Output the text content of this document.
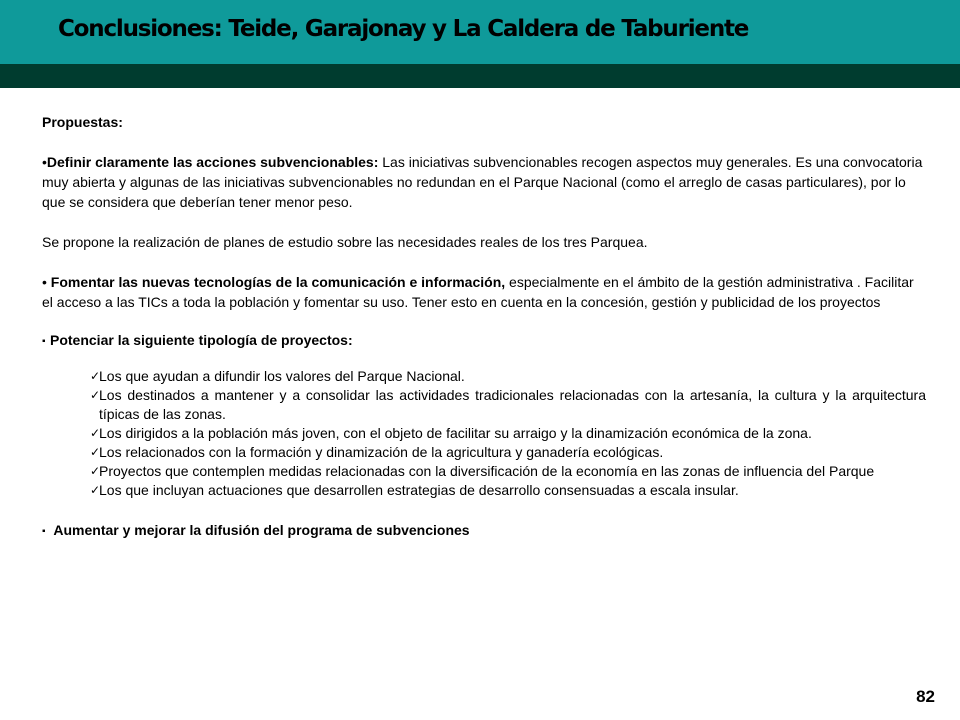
Conclusiones: Teide, Garajonay y La Caldera de Taburiente

Propuestas:

•Definir claramente las acciones subvencionables: Las iniciativas subvencionables recogen aspectos muy generales. Es una convocatoria muy abierta y algunas de las iniciativas subvencionables no redundan en el Parque Nacional (como el arreglo de casas particulares), por lo que se considera que deberían tener menor peso.

Se propone la realización de planes de estudio sobre las necesidades reales de los tres Parquea.

• Fomentar las nuevas tecnologías de la comunicación e información, especialmente en el ámbito de la gestión administrativa . Facilitar el acceso a las TICs a toda la población y fomentar su uso. Tener esto en cuenta en la concesión, gestión y publicidad de los proyectos

▪ Potenciar la siguiente tipología de proyectos:

✓
Los que ayudan a difundir los valores del Parque Nacional.
✓
Los destinados a mantener y a consolidar las actividades tradicionales relacionadas con la artesanía, la cultura y la arquitectura típicas de las zonas.
✓
Los dirigidos a la población más joven, con el objeto de facilitar su arraigo y la dinamización económica de la zona.
✓
Los relacionados con la formación y dinamización de la agricultura y ganadería ecológicas.
✓
Proyectos que contemplen medidas relacionadas con la diversificación de la economía en las zonas de influencia del Parque
✓
Los que incluyan actuaciones que desarrollen estrategias de desarrollo consensuadas a escala insular.

▪ Aumentar y mejorar la difusión del programa de subvenciones

82
